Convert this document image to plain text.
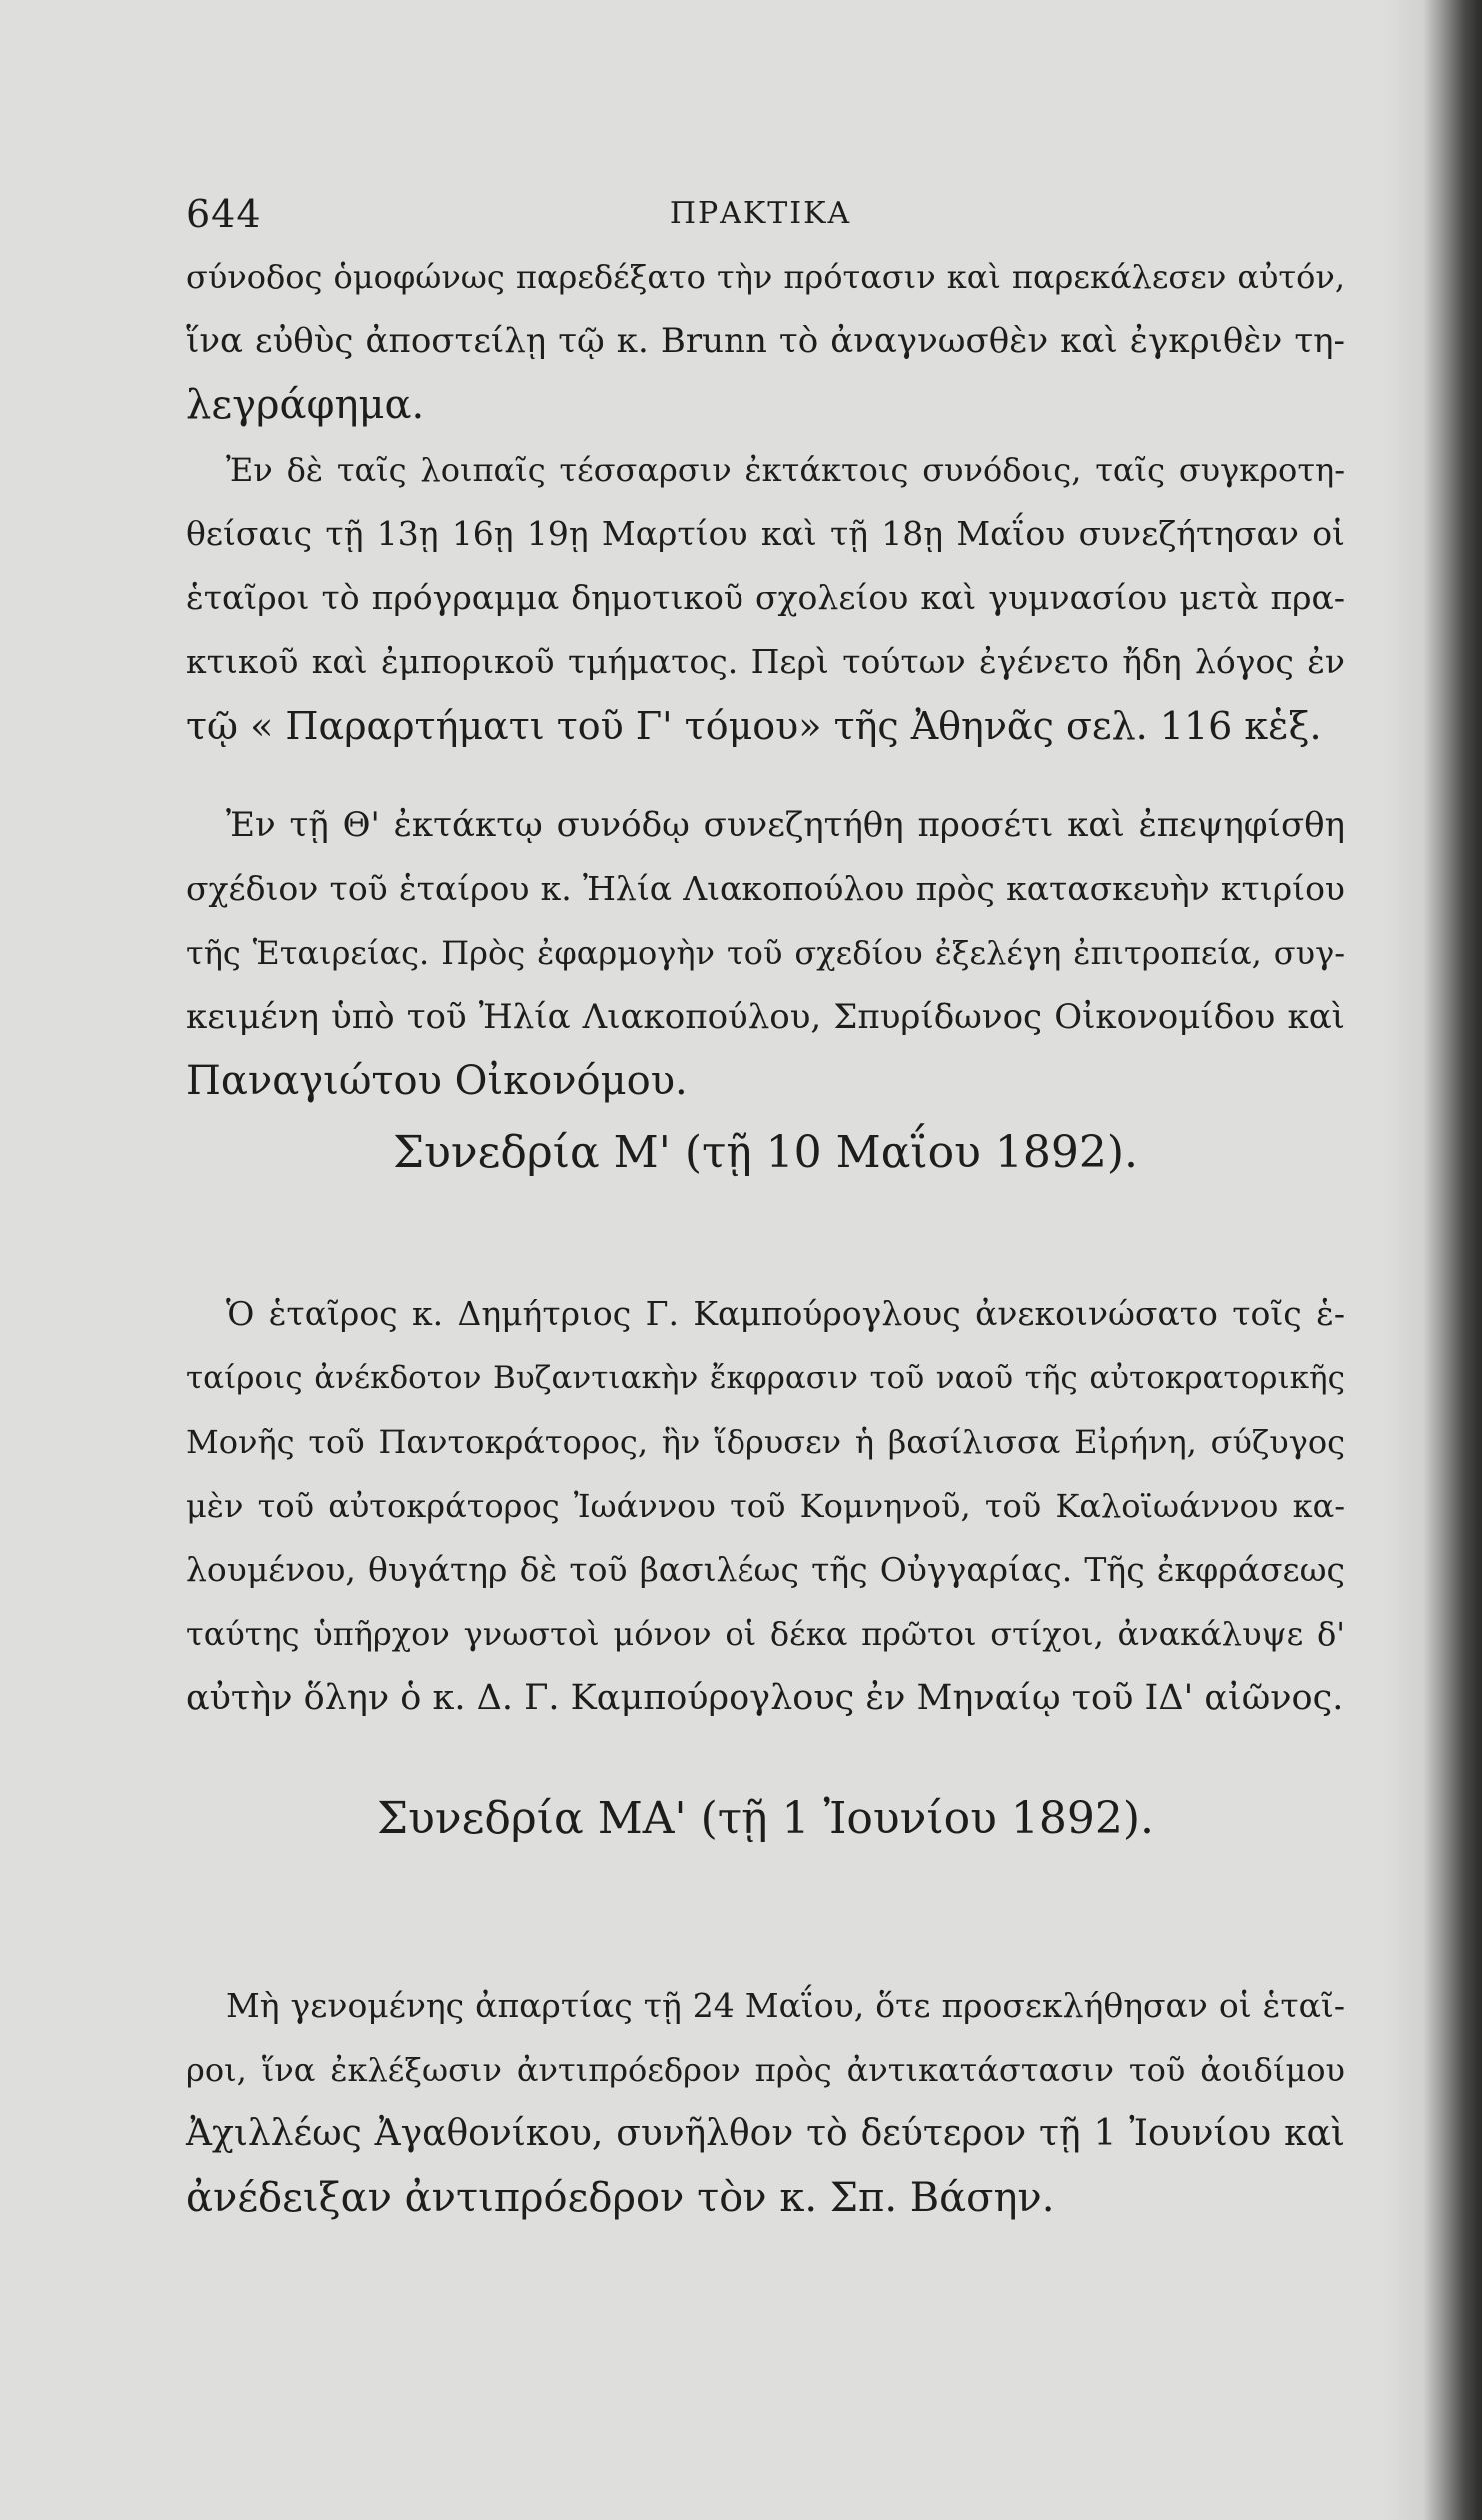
644	ΠΡΑΚΤΙΚΑ
σύνοδος ὁμοφώνως παρεδέξατο τὴν πρότασιν καὶ παρεκάλεσεν αὐτόν,
ἵνα εὐθὺς ἀποστείλῃ τῷ κ. Brunn τὸ ἀναγνωσθὲν καὶ ἐγκριθὲν τη-
λεγράφημα.
Ἐν δὲ ταῖς λοιπαῖς τέσσαρσιν ἐκτάκτοις συνόδοις, ταῖς συγκροτη-
θείσαις τῇ 13ῃ 16ῃ 19ῃ Μαρτίου καὶ τῇ 18ῃ Μαΐου συνεζήτησαν οἱ
ἑταῖροι τὸ πρόγραμμα δημοτικοῦ σχολείου καὶ γυμνασίου μετὰ πρα-
κτικοῦ καὶ ἐμπορικοῦ τμήματος. Περὶ τούτων ἐγένετο ἤδη λόγος ἐν
τῷ « Παραρτήματι τοῦ Γ' τόμου» τῆς Ἀθηνᾶς σελ. 116 κἑξ.
Ἐν τῇ Θ' ἐκτάκτῳ συνόδῳ συνεζητήθη προσέτι καὶ ἐπεψηφίσθη
σχέδιον τοῦ ἑταίρου κ. Ἠλία Λιακοπούλου πρὸς κατασκευὴν κτιρίου
τῆς Ἑταιρείας. Πρὸς ἐφαρμογὴν τοῦ σχεδίου ἐξελέγη ἐπιτροπεία, συγ-
κειμένη ὑπὸ τοῦ Ἠλία Λιακοπούλου, Σπυρίδωνος Οἰκονομίδου καὶ
Παναγιώτου Οἰκονόμου.
Συνεδρία Μ' (τῇ 10 Μαΐου 1892).
Ὁ ἑταῖρος κ. Δημήτριος Γ. Καμπούρογλους ἀνεκοινώσατο τοῖς ἑ-
ταίροις ἀνέκδοτον Βυζαντιακὴν ἔκφρασιν τοῦ ναοῦ τῆς αὐτοκρατορικῆς
Μονῆς τοῦ Παντοκράτορος, ἣν ἵδρυσεν ἡ βασίλισσα Εἰρήνη, σύζυγος
μὲν τοῦ αὐτοκράτορος Ἰωάννου τοῦ Κομνηνοῦ, τοῦ Καλοϊωάννου κα-
λουμένου, θυγάτηρ δὲ τοῦ βασιλέως τῆς Οὐγγαρίας. Τῆς ἐκφράσεως
ταύτης ὑπῆρχον γνωστοὶ μόνον οἱ δέκα πρῶτοι στίχοι, ἀνακάλυψε δ'
αὐτὴν ὅλην ὁ κ. Δ. Γ. Καμπούρογλους ἐν Μηναίῳ τοῦ ΙΔ' αἰῶνος.
Συνεδρία ΜΑ' (τῇ 1 Ἰουνίου 1892).
Μὴ γενομένης ἀπαρτίας τῇ 24 Μαΐου, ὅτε προσεκλήθησαν οἱ ἑταῖ-
ροι, ἵνα ἐκλέξωσιν ἀντιπρόεδρον πρὸς ἀντικατάστασιν τοῦ ἀοιδίμου
Ἀχιλλέως Ἀγαθονίκου, συνῆλθον τὸ δεύτερον τῇ 1 Ἰουνίου καὶ
ἀνέδειξαν ἀντιπρόεδρον τὸν κ. Σπ. Βάσην.
